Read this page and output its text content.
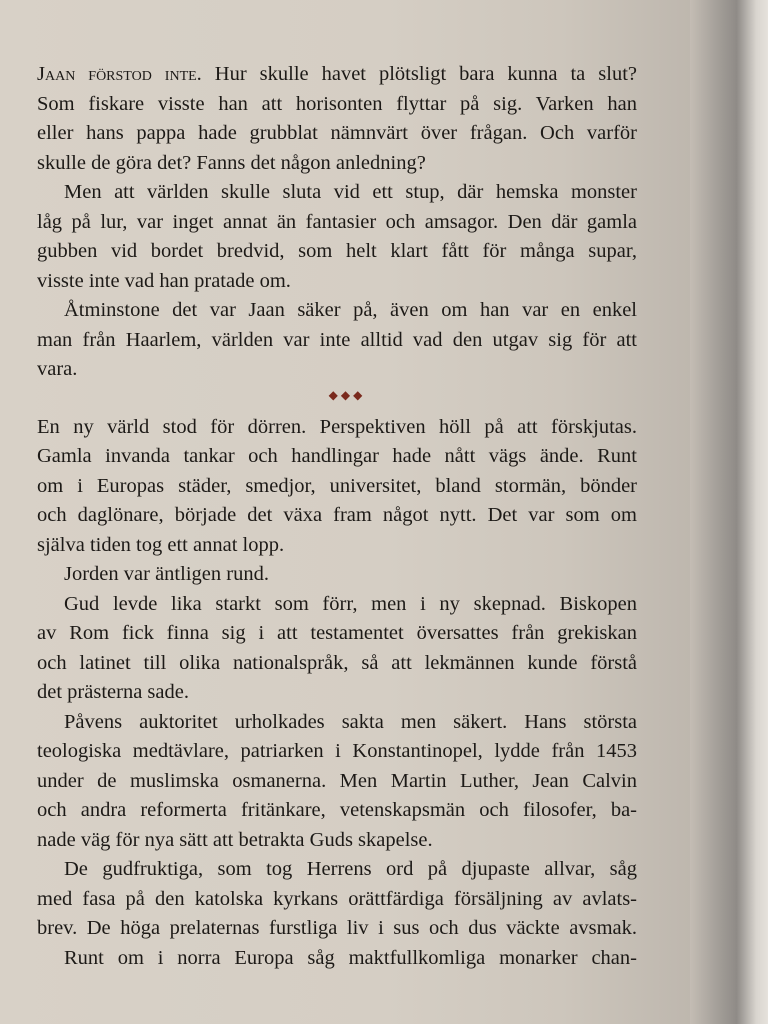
Jaan förstod inte. Hur skulle havet plötsligt bara kunna ta slut?
Som fiskare visste han att horisonten flyttar på sig. Varken han
eller hans pappa hade grubblat nämnvärt över frågan. Och varför
skulle de göra det? Fanns det någon anledning?
Men att världen skulle sluta vid ett stup, där hemska monster
låg på lur, var inget annat än fantasier och amsagor. Den där gamla
gubben vid bordet bredvid, som helt klart fått för många supar,
visste inte vad han pratade om.
Åtminstone det var Jaan säker på, även om han var en enkel
man från Haarlem, världen var inte alltid vad den utgav sig för att
vara.
◆◆◆
En ny värld stod för dörren. Perspektiven höll på att förskjutas.
Gamla invanda tankar och handlingar hade nått vägs ände. Runt
om i Europas städer, smedjor, universitet, bland stormän, bönder
och daglönare, började det växa fram något nytt. Det var som om
själva tiden tog ett annat lopp.
Jorden var äntligen rund.
Gud levde lika starkt som förr, men i ny skepnad. Biskopen
av Rom fick finna sig i att testamentet översattes från grekiskan
och latinet till olika nationalspråk, så att lekmännen kunde förstå
det prästerna sade.
Påvens auktoritet urholkades sakta men säkert. Hans största
teologiska medtävlare, patriarken i Konstantinopel, lydde från 1453
under de muslimska osmanerna. Men Martin Luther, Jean Calvin
och andra reformerta fritänkare, vetenskapsmän och filosofer, ba-
nade väg för nya sätt att betrakta Guds skapelse.
De gudfruktiga, som tog Herrens ord på djupaste allvar, såg
med fasa på den katolska kyrkans orättfärdiga försäljning av avlats-
brev. De höga prelaternas furstliga liv i sus och dus väckte avsmak.
Runt om i norra Europa såg maktfullkomliga monarker chan-
